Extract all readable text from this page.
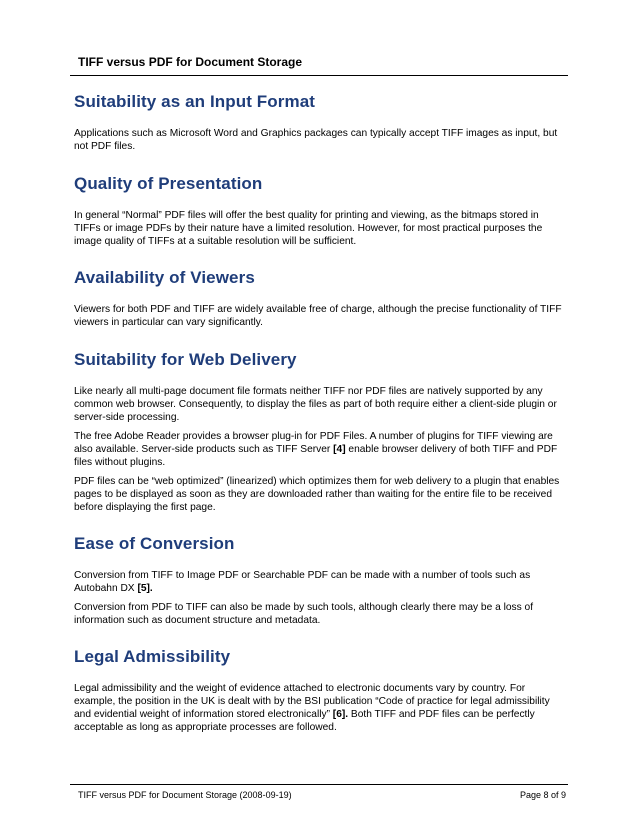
TIFF versus PDF for Document Storage
Suitability as an Input Format

Applications such as Microsoft Word and Graphics packages can typically accept TIFF images as input, but not PDF files.

Quality of Presentation

In general “Normal” PDF files will offer the best quality for printing and viewing, as the bitmaps stored in TIFFs or image PDFs by their nature have a limited resolution. However, for most practical purposes the image quality of TIFFs at a suitable resolution will be sufficient.

Availability of Viewers

Viewers for both PDF and TIFF are widely available free of charge, although the precise functionality of TIFF viewers in particular can vary significantly.

Suitability for Web Delivery

Like nearly all multi-page document file formats neither TIFF nor PDF files are natively supported by any common web browser. Consequently, to display the files as part of both require either a client-side plugin or server-side processing.

The free Adobe Reader provides a browser plug-in for PDF Files. A number of plugins for TIFF viewing are also available. Server-side products such as TIFF Server [4] enable browser delivery of both TIFF and PDF files without plugins.

PDF files can be “web optimized” (linearized) which optimizes them for web delivery to a plugin that enables pages to be displayed as soon as they are downloaded rather than waiting for the entire file to be received before displaying the first page.

Ease of Conversion

Conversion from TIFF to Image PDF or Searchable PDF can be made with a number of tools such as Autobahn DX [5].

Conversion from PDF to TIFF can also be made by such tools, although clearly there may be a loss of information such as document structure and metadata.

Legal Admissibility

Legal admissibility and the weight of evidence attached to electronic documents vary by country. For example, the position in the UK is dealt with by the BSI publication “Code of practice for legal admissibility and evidential weight of information stored electronically” [6]. Both TIFF and PDF files can be perfectly acceptable as long as appropriate processes are followed.

TIFF versus PDF for Document Storage (2008-09-19)	Page 8 of 9
